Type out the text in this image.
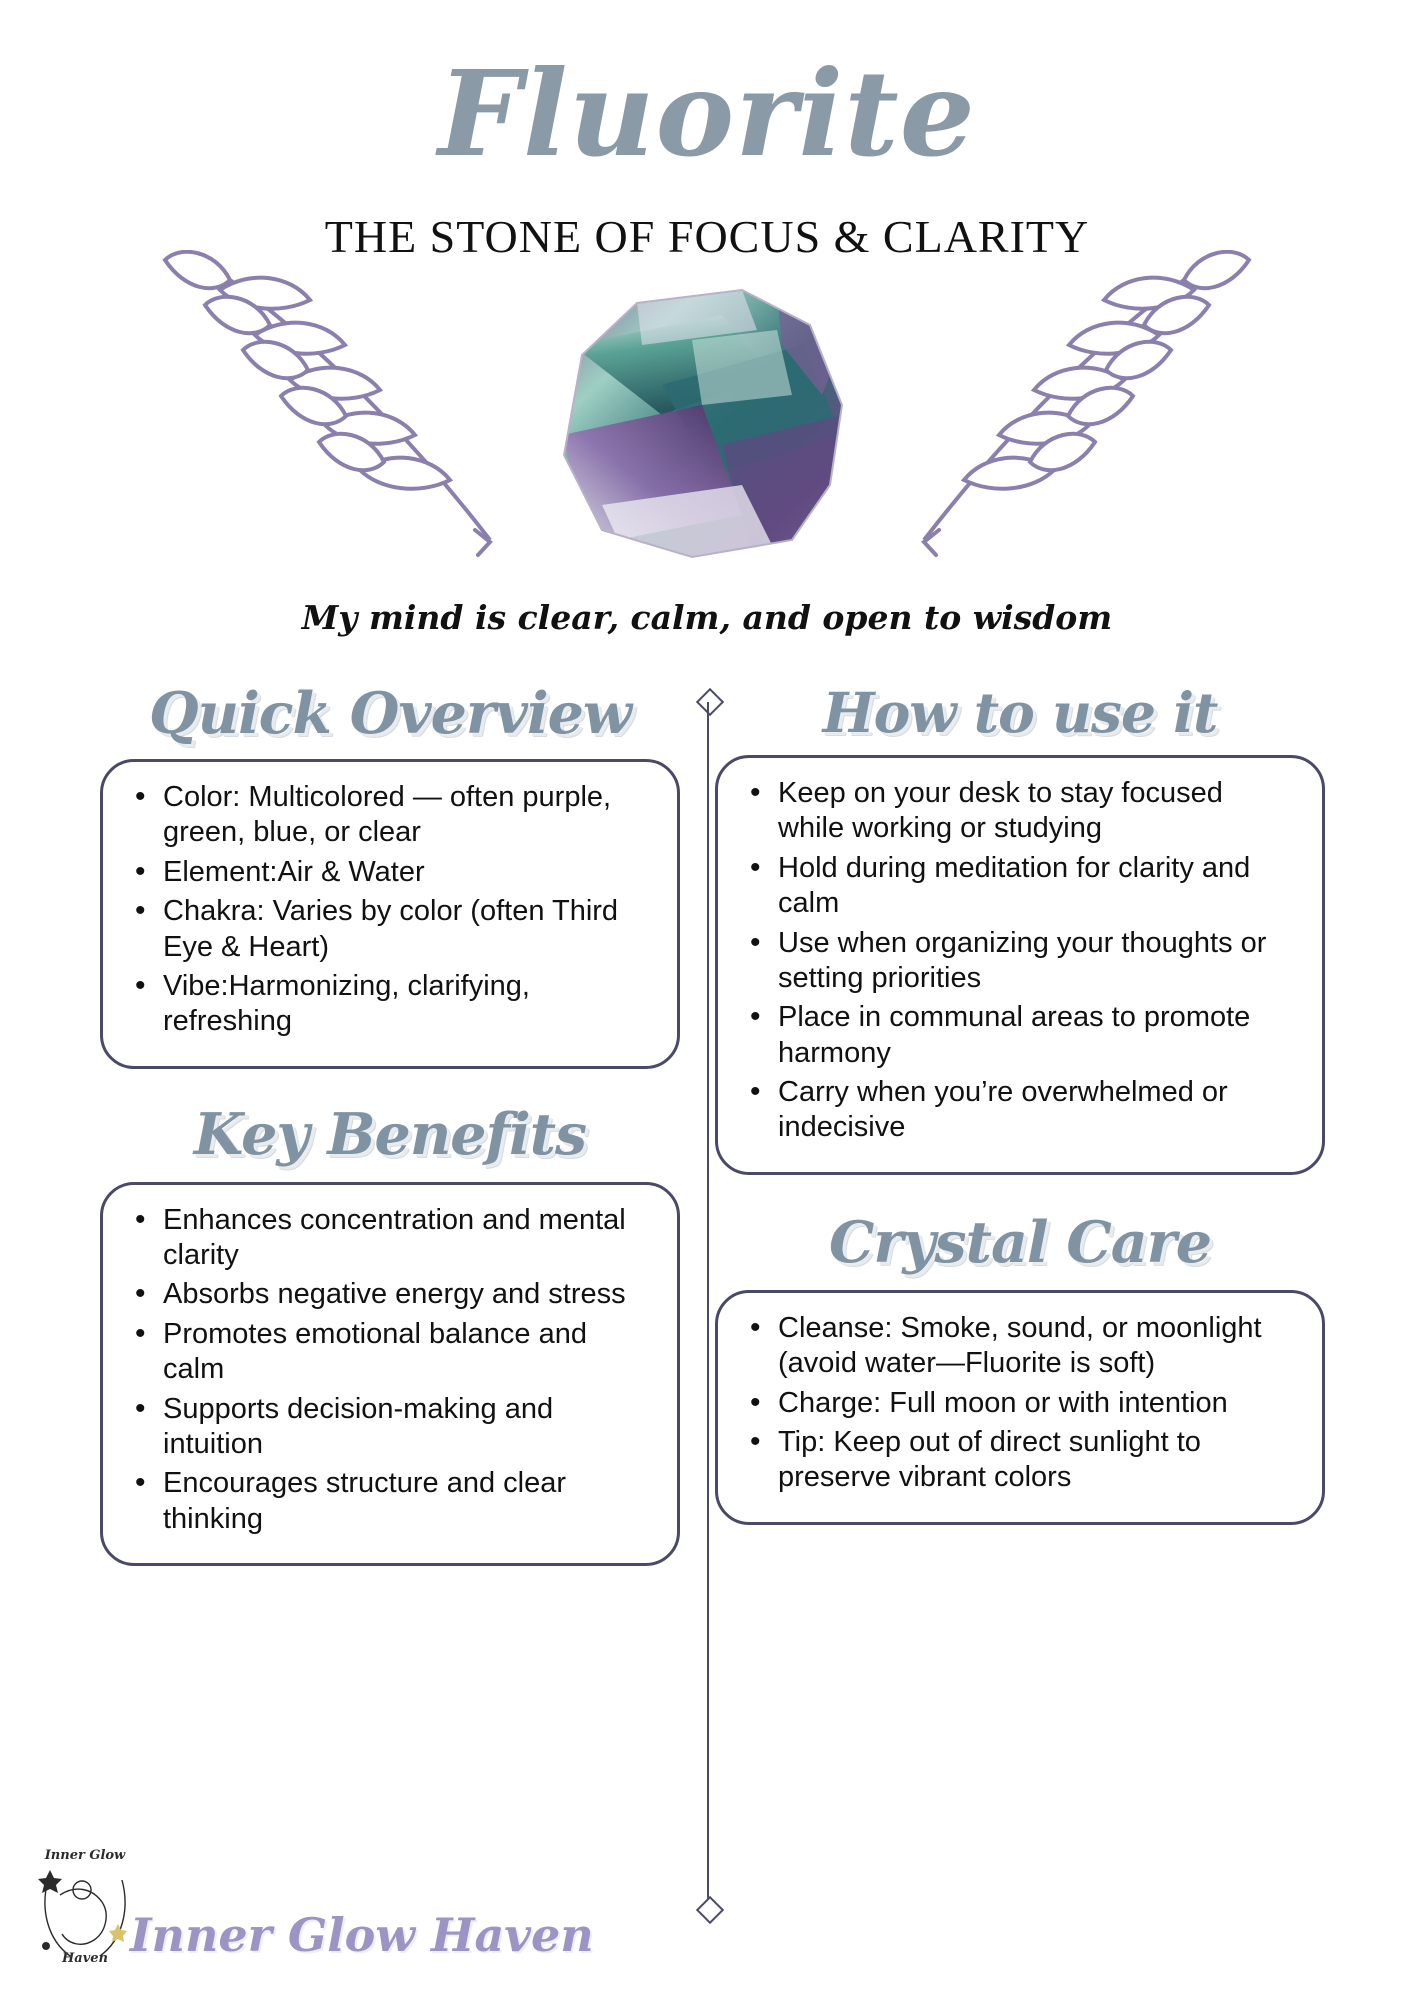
Fluorite
THE STONE OF FOCUS & CLARITY
My mind is clear, calm, and open to wisdom
Quick Overview
• Color: Multicolored — often purple, green, blue, or clear
• Element:Air & Water
• Chakra: Varies by color (often Third Eye & Heart)
• Vibe:Harmonizing, clarifying, refreshing
Key Benefits
• Enhances concentration and mental clarity
• Absorbs negative energy and stress
• Promotes emotional balance and calm
• Supports decision-making and intuition
• Encourages structure and clear thinking
How to use it
• Keep on your desk to stay focused while working or studying
• Hold during meditation for clarity and calm
• Use when organizing your thoughts or setting priorities
• Place in communal areas to promote harmony
• Carry when you’re overwhelmed or indecisive
Crystal Care
• Cleanse: Smoke, sound, or moonlight (avoid water—Fluorite is soft)
• Charge: Full moon or with intention
• Tip: Keep out of direct sunlight to preserve vibrant colors
Inner Glow
Haven Inner Glow Haven
